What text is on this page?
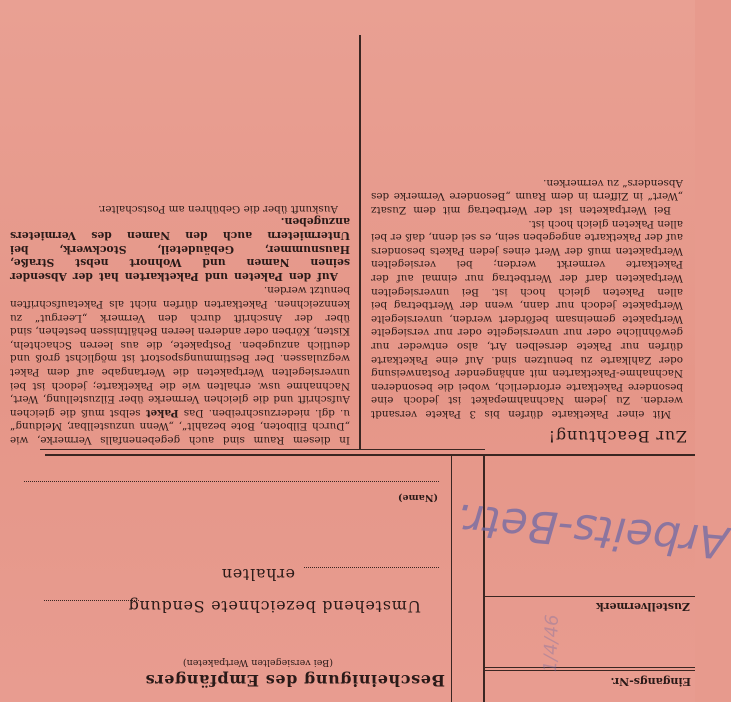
Eingangs-Nr.
Zustellvermerk
Bescheinigung des Empfängers
(Bei versiegelten Wertpaketen)
Umstehend bezeichnete Sendung
erhalten
(Name)
Zur Beachtung!

Mit einer Paketkarte dürfen bis 3 Pakete versandt werden. Zu jedem Nachnahmepaket ist jedoch eine besondere Paketkarte erforderlich, wobei die besonderen Nachnahme-Paketkarten mit anhängender Postanweisung oder Zahlkarte zu benutzen sind. Auf eine Paketkarte dürfen nur Pakete derselben Art, also entweder nur gewöhnliche oder nur unversiegelte oder nur versiegelte Wertpakete gemeinsam befördert werden, unversiegelte Wertpakete jedoch nur dann, wenn der Wertbetrag bei allen Paketen gleich hoch ist. Bei unversiegelten Wertpaketen darf der Wertbetrag nur einmal auf der Paketkarte vermerkt werden; bei versiegelten Wertpaketen muß der Wert eines jeden Pakets besonders auf der Paketkarte angegeben sein, es sei denn, daß er bei allen Paketen gleich hoch ist.

Bei Wertpaketen ist der Wertbetrag mit dem Zusatz „Wert“ in Ziffern in dem Raum „Besondere Vermerke des Absenders“ zu vermerken.

In diesem Raum sind auch gegebenenfalls Vermerke, wie „Durch Eilboten, Bote bezahlt“, „Wenn unzustellbar, Meldung“ u. dgl. niederzuschreiben. Das Paket selbst muß die gleichen Aufschrift und die gleichen Vermerke über Eilzustellung, Wert, Nachnahme usw. erhalten wie die Paketkarte; jedoch ist bei unversiegelten Wertpaketen die Wertangabe auf dem Paket wegzulassen. Der Bestimmungspostort ist möglichst groß und deutlich anzugeben. Postpakete, die aus leeren Schachteln, Kisten, Körben oder anderen leeren Behältnissen bestehen, sind über der Anschrift durch den Vermerk „Leergut“ zu kennzeichnen. Paketkarten dürfen nicht als Paketaufschriften benutzt werden.

Auf den Paketen und Paketkarten hat der Absender seinen Namen und Wohnort nebst Straße, Hausnummer, Gebäudeteil, Stockwerk, bei Untermietern auch den Namen des Vermieters anzugeben.

Auskunft über die Gebühren am Postschalter.

1/4/46
Arbeits-Betr.
